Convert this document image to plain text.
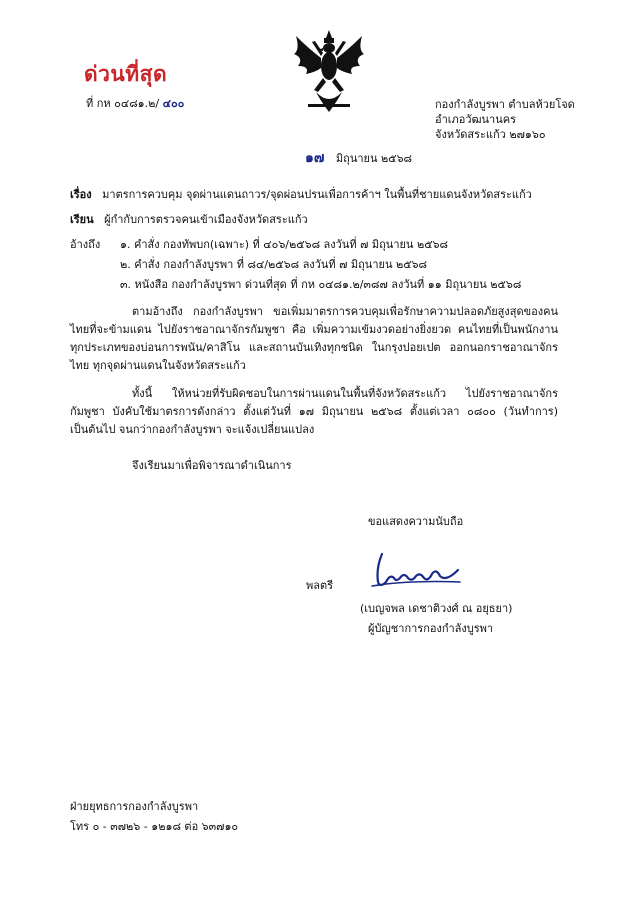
ด่วนที่สุด
ที่ กห ๐๔๘๑.๒/ ๔๐๐	กองกำลังบูรพา ตำบลห้วยโจด
อำเภอวัฒนานคร
จังหวัดสระแก้ว ๒๗๑๖๐
๑๗ มิถุนายน ๒๕๖๘
เรื่อง มาตรการควบคุม จุดผ่านแดนถาวร/จุดผ่อนปรนเพื่อการค้าฯ ในพื้นที่ชายแดนจังหวัดสระแก้ว
เรียน ผู้กำกับการตรวจคนเข้าเมืองจังหวัดสระแก้ว
อ้างถึง ๑. คำสั่ง กองทัพบก(เฉพาะ) ที่ ๔๐๖/๒๕๖๘ ลงวันที่ ๗ มิถุนายน ๒๕๖๘
๒. คำสั่ง กองกำลังบูรพา ที่ ๘๔/๒๕๖๘ ลงวันที่ ๗ มิถุนายน ๒๕๖๘
๓. หนังสือ กองกำลังบูรพา ด่วนที่สุด ที่ กห ๐๔๘๑.๒/๓๘๗ ลงวันที่ ๑๑ มิถุนายน ๒๕๖๘
ตามอ้างถึง กองกำลังบูรพา ขอเพิ่มมาตรการควบคุมเพื่อรักษาความปลอดภัยสูงสุดของคนไทยที่จะข้ามแดน ไปยังราชอาณาจักรกัมพูชา คือ เพิ่มความเข้มงวดอย่างยิ่งยวด คนไทยที่เป็นพนักงานทุกประเภทของบ่อนการพนัน/คาสิโน และสถานบันเทิงทุกชนิด ในกรุงปอยเปต ออกนอกราชอาณาจักรไทย ทุกจุดผ่านแดนในจังหวัดสระแก้ว
ทั้งนี้ ให้หน่วยที่รับผิดชอบในการผ่านแดนในพื้นที่จังหวัดสระแก้ว ไปยังราชอาณาจักรกัมพูชา บังคับใช้มาตรการดังกล่าว ตั้งแต่วันที่ ๑๗ มิถุนายน ๒๕๖๘ ตั้งแต่เวลา ๐๘๐๐ (วันทำการ) เป็นต้นไป จนกว่ากองกำลังบูรพา จะแจ้งเปลี่ยนแปลง
จึงเรียนมาเพื่อพิจารณาดำเนินการ
ขอแสดงความนับถือ
พลตรี
(เบญจพล เดชาติวงศ์ ณ อยุธยา)
ผู้บัญชาการกองกำลังบูรพา
ฝ่ายยุทธการกองกำลังบูรพา
โทร ๐ - ๓๗๒๖ - ๑๒๑๘ ต่อ ๖๓๗๑๐
